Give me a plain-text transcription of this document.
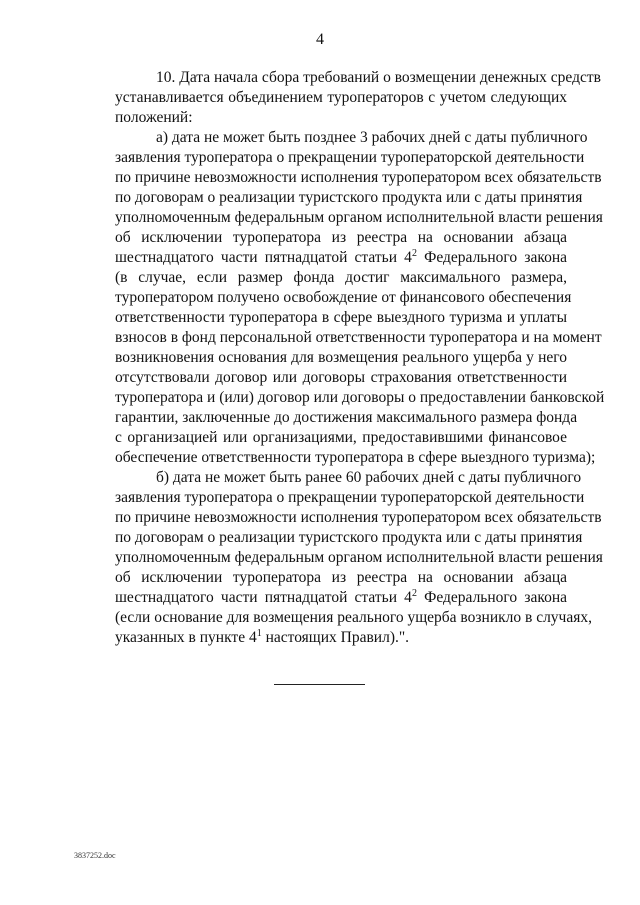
4
10. Дата начала сбора требований о возмещении денежных средств
устанавливается объединением туроператоров с учетом следующих
положений:
а) дата не может быть позднее 3 рабочих дней с даты публичного
заявления туроператора о прекращении туроператорской деятельности
по причине невозможности исполнения туроператором всех обязательств
по договорам о реализации туристского продукта или с даты принятия
уполномоченным федеральным органом исполнительной власти решения
об исключении туроператора из реестра на основании абзаца
шестнадцатого части пятнадцатой статьи $4^2$ Федерального закона
(в случае, если размер фонда достиг максимального размера,
туроператором получено освобождение от финансового обеспечения
ответственности туроператора в сфере выездного туризма и уплаты
взносов в фонд персональной ответственности туроператора и на момент
возникновения основания для возмещения реального ущерба у него
отсутствовали договор или договоры страхования ответственности
туроператора и (или) договор или договоры о предоставлении банковской
гарантии, заключенные до достижения максимального размера фонда
с организацией или организациями, предоставившими финансовое
обеспечение ответственности туроператора в сфере выездного туризма);
б) дата не может быть ранее 60 рабочих дней с даты публичного
заявления туроператора о прекращении туроператорской деятельности
по причине невозможности исполнения туроператором всех обязательств
по договорам о реализации туристского продукта или с даты принятия
уполномоченным федеральным органом исполнительной власти решения
об исключении туроператора из реестра на основании абзаца
шестнадцатого части пятнадцатой статьи $4^2$ Федерального закона
(если основание для возмещения реального ущерба возникло в случаях,
указанных в пункте $4^1$ настоящих Правил).".
3837252.doc
